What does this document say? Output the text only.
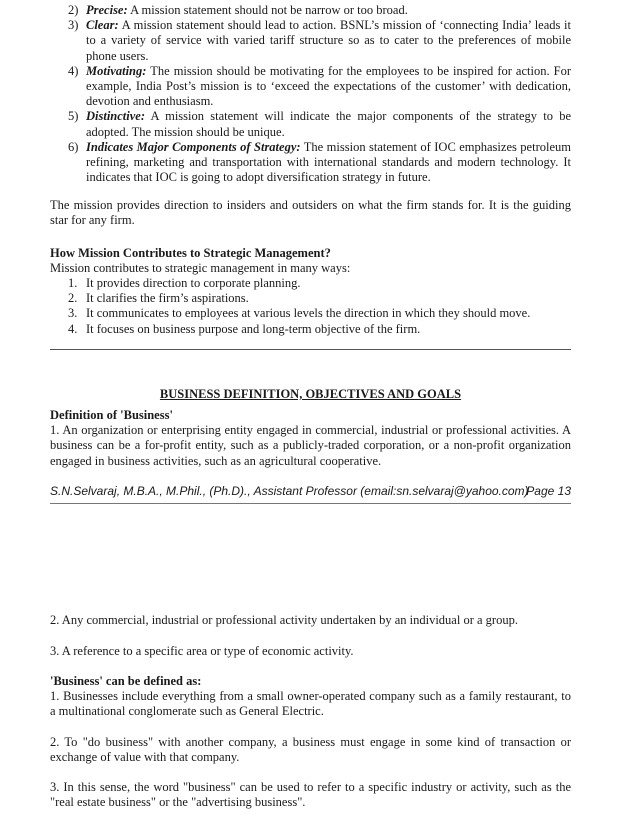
2) Precise: A mission statement should not be narrow or too broad.

3) Clear: A mission statement should lead to action. BSNL’s mission of ‘connecting India’ leads it to a variety of service with varied tariff structure so as to cater to the preferences of mobile phone users.

4) Motivating: The mission should be motivating for the employees to be inspired for action. For example, India Post’s mission is to ‘exceed the expectations of the customer’ with dedication, devotion and enthusiasm.

5) Distinctive: A mission statement will indicate the major components of the strategy to be adopted. The mission should be unique.

6) Indicates Major Components of Strategy: The mission statement of IOC emphasizes petroleum refining, marketing and transportation with international standards and modern technology. It indicates that IOC is going to adopt diversification strategy in future.

The mission provides direction to insiders and outsiders on what the firm stands for. It is the guiding star for any firm.

How Mission Contributes to Strategic Management?
Mission contributes to strategic management in many ways:

1. It provides direction to corporate planning.

2. It clarifies the firm’s aspirations.

3. It communicates to employees at various levels the direction in which they should move.

4. It focuses on business purpose and long-term objective of the firm.

BUSINESS DEFINITION, OBJECTIVES AND GOALS
Definition of 'Business'
1. An organization or enterprising entity engaged in commercial, industrial or professional activities. A business can be a for-profit entity, such as a publicly-traded corporation, or a non-profit organization engaged in business activities, such as an agricultural cooperative.
S.N.Selvaraj, M.B.A., M.Phil., (Ph.D)., Assistant Professor (email:sn.selvaraj@yahoo.com)
Page 13

2. Any commercial, industrial or professional activity undertaken by an individual or a group.

3. A reference to a specific area or type of economic activity.

'Business' can be defined as:
1. Businesses include everything from a small owner-operated company such as a family restaurant, to a multinational conglomerate such as General Electric.

2. To "do business" with another company, a business must engage in some kind of transaction or exchange of value with that company.

3. In this sense, the word "business" can be used to refer to a specific industry or activity, such as the "real estate business" or the "advertising business".
